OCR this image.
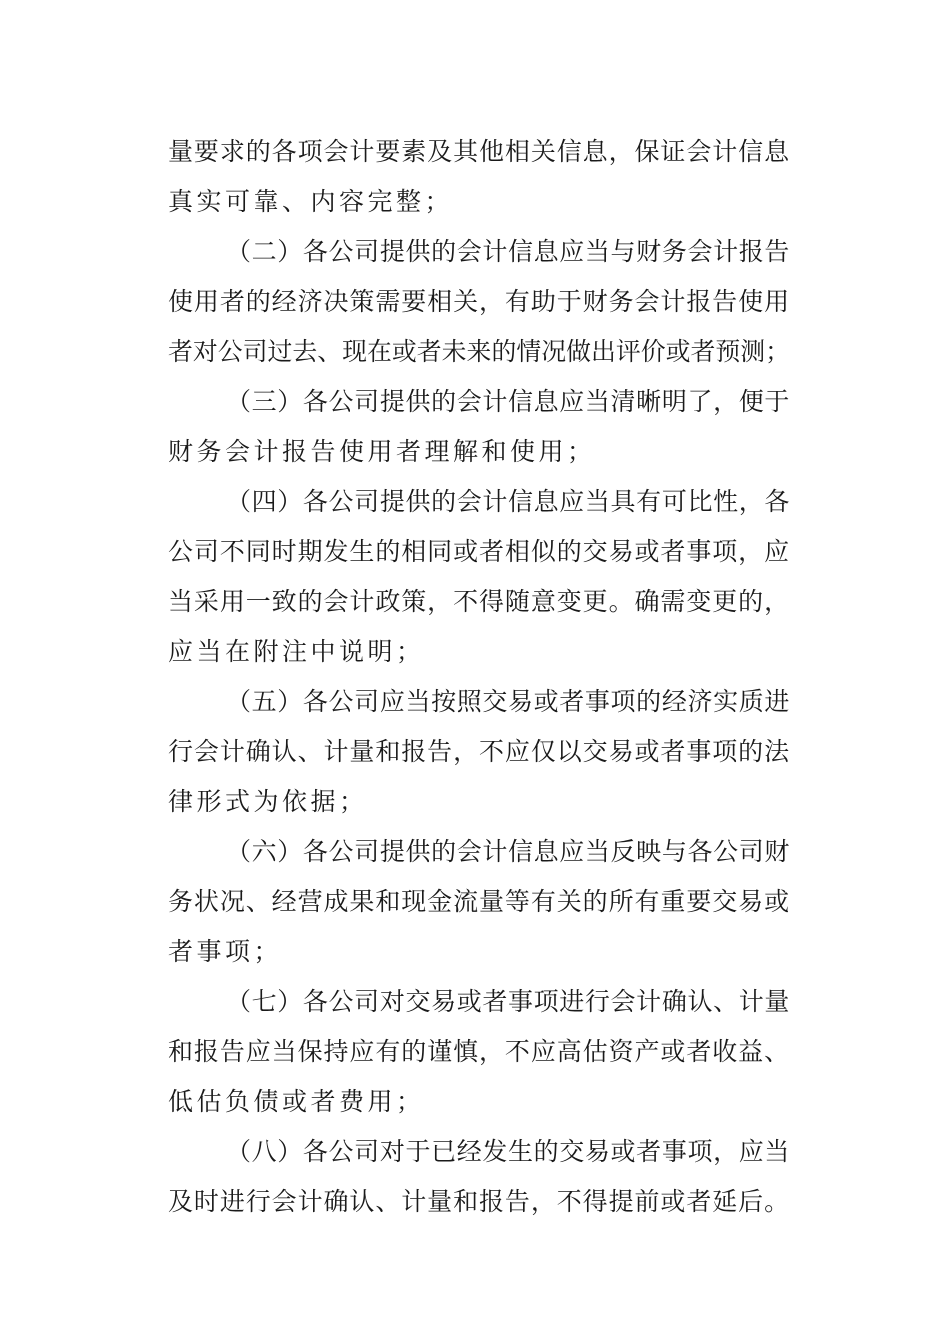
量要求的各项会计要素及其他相关信息，保证会计信息
真实可靠、内容完整；
（二）各公司提供的会计信息应当与财务会计报告
使用者的经济决策需要相关，有助于财务会计报告使用
者对公司过去、现在或者未来的情况做出评价或者预测；
（三）各公司提供的会计信息应当清晰明了，便于
财务会计报告使用者理解和使用；
（四）各公司提供的会计信息应当具有可比性，各
公司不同时期发生的相同或者相似的交易或者事项，应
当采用一致的会计政策，不得随意变更。确需变更的，
应当在附注中说明；
（五）各公司应当按照交易或者事项的经济实质进
行会计确认、计量和报告，不应仅以交易或者事项的法
律形式为依据；
（六）各公司提供的会计信息应当反映与各公司财
务状况、经营成果和现金流量等有关的所有重要交易或
者事项；
（七）各公司对交易或者事项进行会计确认、计量
和报告应当保持应有的谨慎，不应高估资产或者收益、
低估负债或者费用；
（八）各公司对于已经发生的交易或者事项，应当
及时进行会计确认、计量和报告，不得提前或者延后。
